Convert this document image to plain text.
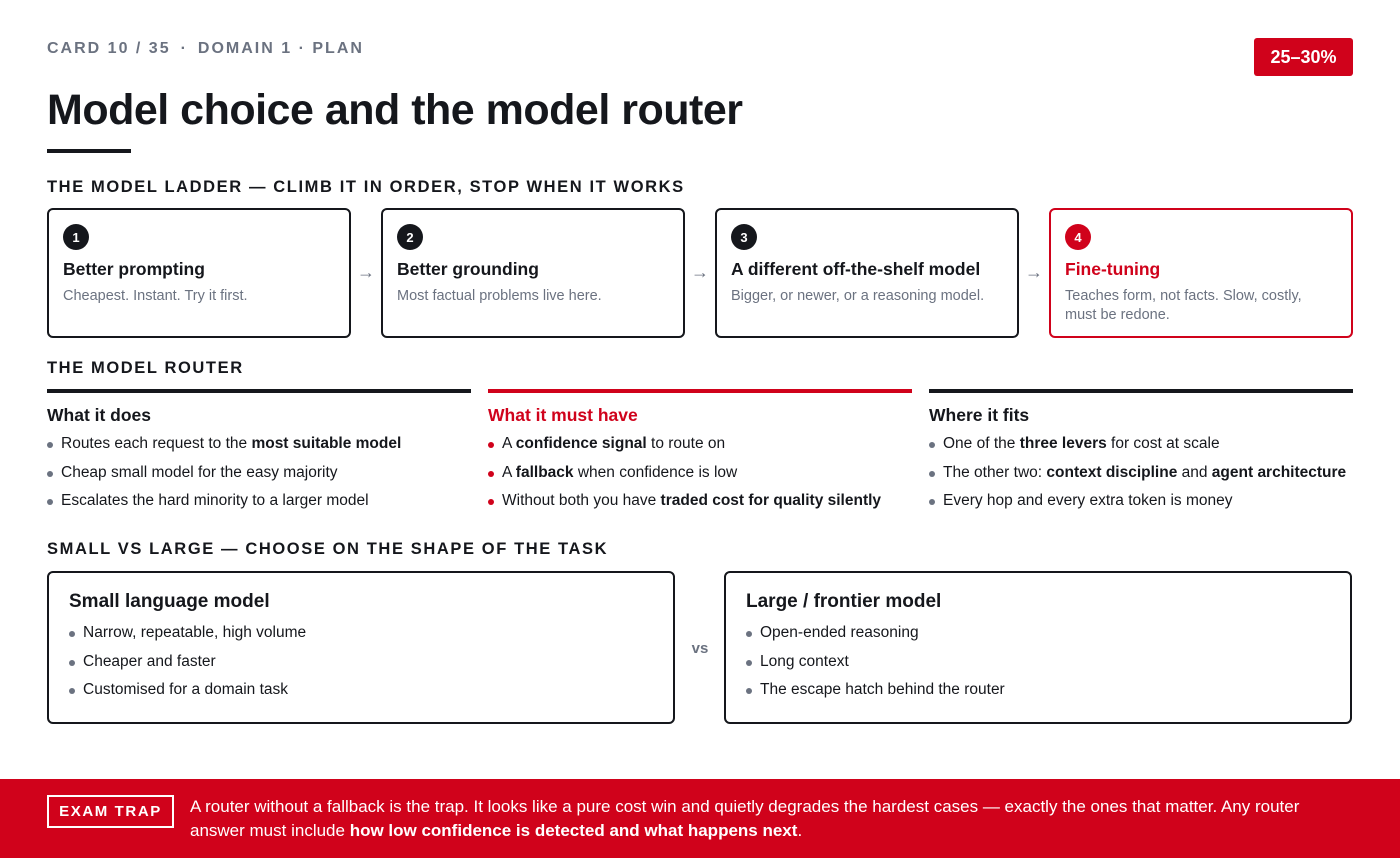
CARD 10 / 35 · DOMAIN 1 · PLAN	25–30%
Model choice and the model router
THE MODEL LADDER — CLIMB IT IN ORDER, STOP WHEN IT WORKS
1
Better prompting
Cheapest. Instant. Try it first.
→
2
Better grounding
Most factual problems live here.
→
3
A different off-the-shelf model
Bigger, or newer, or a reasoning model.
→
4
Fine-tuning
Teaches form, not facts. Slow, costly, must be redone.
THE MODEL ROUTER
What it does
Routes each request to the most suitable model
Cheap small model for the easy majority
Escalates the hard minority to a larger model
What it must have
A confidence signal to route on
A fallback when confidence is low
Without both you have traded cost for quality silently
Where it fits
One of the three levers for cost at scale
The other two: context discipline and agent architecture
Every hop and every extra token is money
SMALL VS LARGE — CHOOSE ON THE SHAPE OF THE TASK
Small language model
Narrow, repeatable, high volume
Cheaper and faster
Customised for a domain task
vs
Large / frontier model
Open-ended reasoning
Long context
The escape hatch behind the router
EXAM TRAP	A router without a fallback is the trap. It looks like a pure cost win and quietly degrades the hardest cases — exactly the ones that matter. Any router answer must include how low confidence is detected and what happens next.
